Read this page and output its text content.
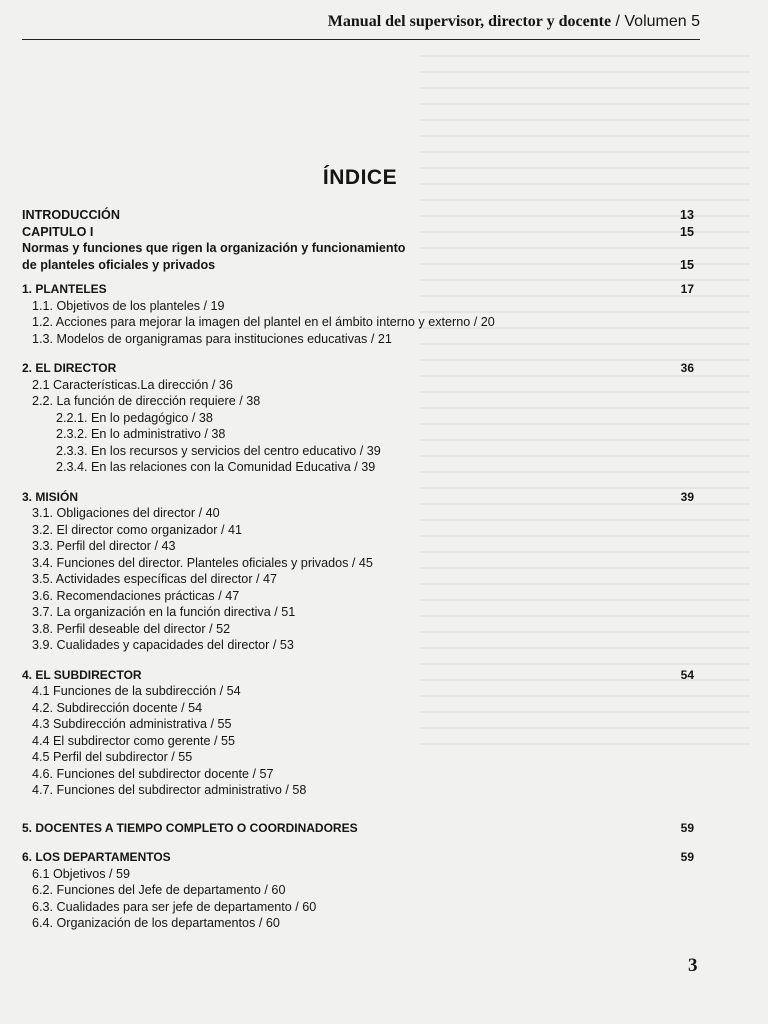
Manual del supervisor, director y docente / Volumen 5
ÍNDICE
INTRODUCCIÓN	13
CAPITULO I	15
Normas y funciones que rigen la organización y funcionamiento
de planteles oficiales y privados	15
1. PLANTELES	17
1.1. Objetivos de los planteles / 19
1.2. Acciones para mejorar la imagen del plantel en el ámbito interno y externo / 20
1.3. Modelos de organigramas para instituciones educativas / 21
2. EL DIRECTOR	36
2.1 Características.La dirección / 36
2.2. La función de dirección requiere / 38
2.2.1. En lo pedagógico / 38
2.3.2. En lo administrativo / 38
2.3.3. En los recursos y servicios del centro educativo / 39
2.3.4. En las relaciones con la Comunidad Educativa / 39
3. MISIÓN	39
3.1. Obligaciones del director / 40
3.2. El director como organizador / 41
3.3. Perfil del director / 43
3.4. Funciones del director. Planteles oficiales y privados / 45
3.5. Actividades específicas del director / 47
3.6. Recomendaciones prácticas / 47
3.7. La organización en la función directiva / 51
3.8. Perfil deseable del director / 52
3.9. Cualidades y capacidades del director / 53
4. EL SUBDIRECTOR	54
4.1 Funciones de la subdirección / 54
4.2. Subdirección docente / 54
4.3 Subdirección administrativa / 55
4.4 El subdirector como gerente / 55
4.5 Perfil del subdirector / 55
4.6. Funciones del subdirector docente / 57
4.7. Funciones del subdirector administrativo / 58
5. DOCENTES A TIEMPO COMPLETO O COORDINADORES	59
6. LOS DEPARTAMENTOS	59
6.1 Objetivos / 59
6.2. Funciones del Jefe de departamento / 60
6.3. Cualidades para ser jefe de departamento / 60
6.4. Organización de los departamentos / 60
3
